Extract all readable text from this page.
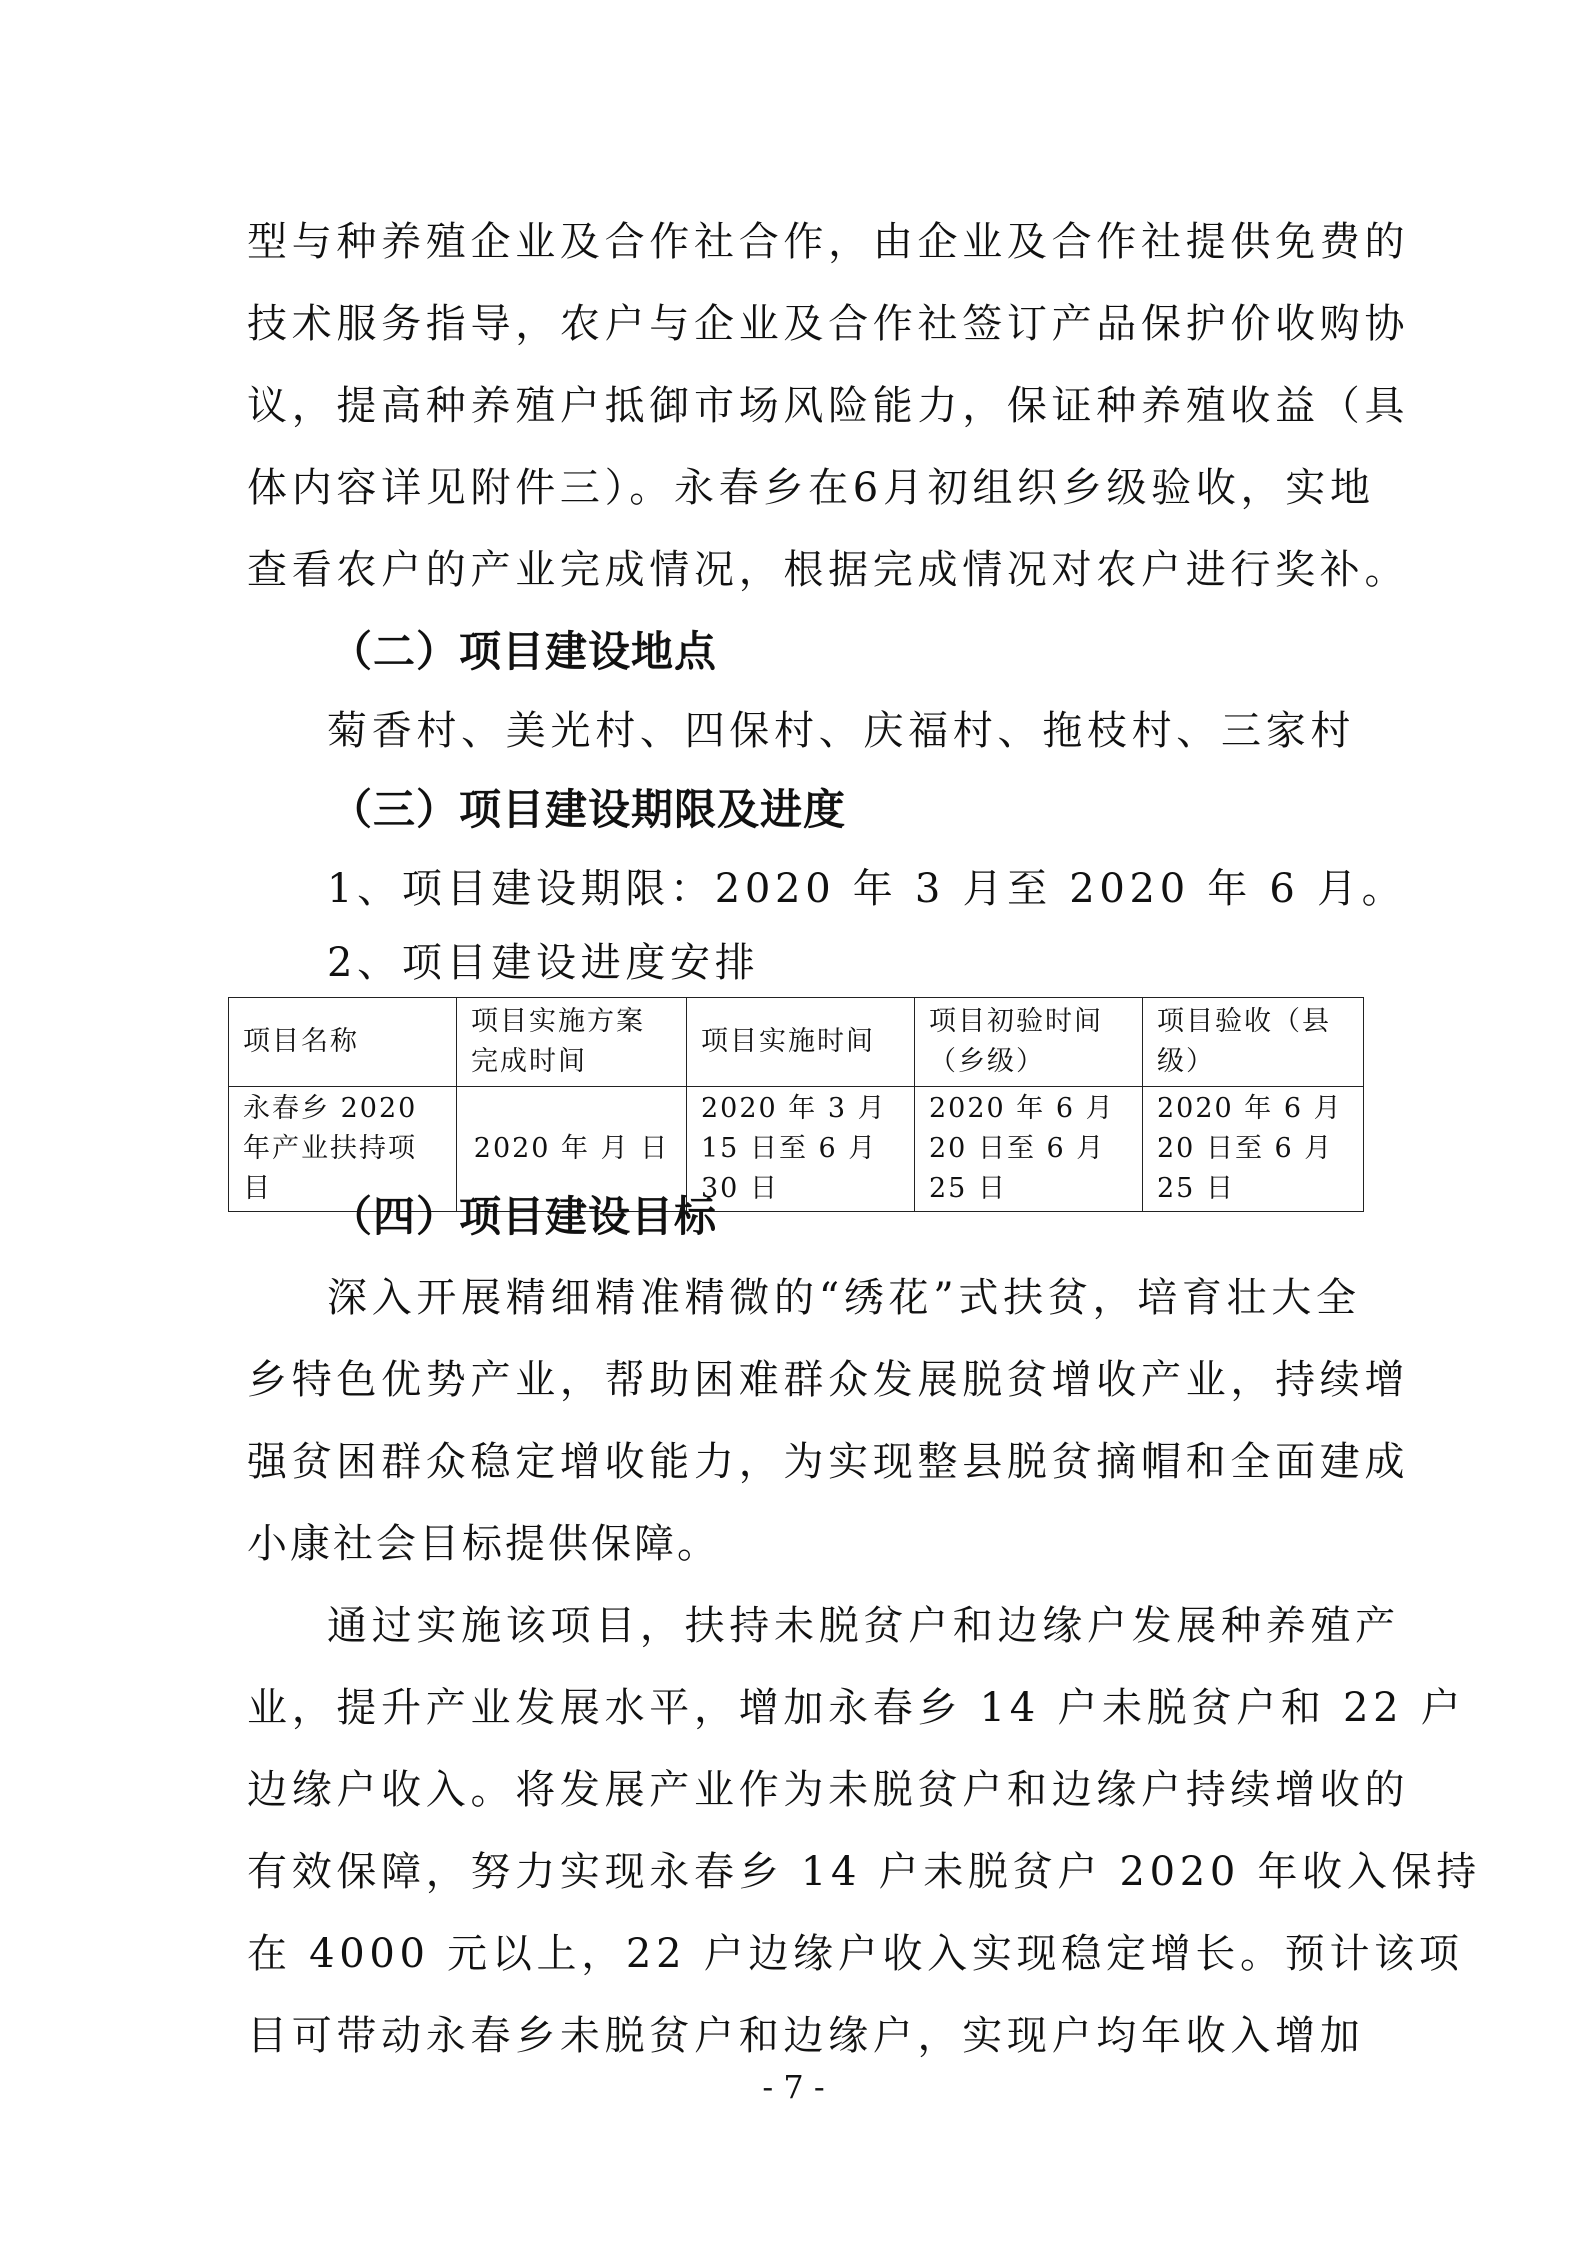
型与种养殖企业及合作社合作，由企业及合作社提供免费的
技术服务指导，农户与企业及合作社签订产品保护价收购协
议，提高种养殖户抵御市场风险能力，保证种养殖收益（具
体内容详见附件三）。永春乡在6月初组织乡级验收，实地
查看农户的产业完成情况，根据完成情况对农户进行奖补。
（二）项目建设地点
菊香村、美光村、四保村、庆福村、拖枝村、三家村
（三）项目建设期限及进度
1、项目建设期限：2020 年 3 月至 2020 年 6 月。
2、项目建设进度安排
项目名称	项目实施方案完成时间	项目实施时间	项目初验时间（乡级）	项目验收（县级）
永春乡 2020 年产业扶持项目	2020 年 月 日	2020 年 3 月 15 日至 6 月 30 日	2020 年 6 月 20 日至 6 月 25 日	2020 年 6 月 20 日至 6 月 25 日
（四）项目建设目标
深入开展精细精准精微的“绣花”式扶贫，培育壮大全
乡特色优势产业，帮助困难群众发展脱贫增收产业，持续增
强贫困群众稳定增收能力，为实现整县脱贫摘帽和全面建成
小康社会目标提供保障。
通过实施该项目，扶持未脱贫户和边缘户发展种养殖产
业，提升产业发展水平，增加永春乡 14 户未脱贫户和 22 户
边缘户收入。将发展产业作为未脱贫户和边缘户持续增收的
有效保障，努力实现永春乡 14 户未脱贫户 2020 年收入保持
在 4000 元以上，22 户边缘户收入实现稳定增长。预计该项
目可带动永春乡未脱贫户和边缘户，实现户均年收入增加
- 7 -
